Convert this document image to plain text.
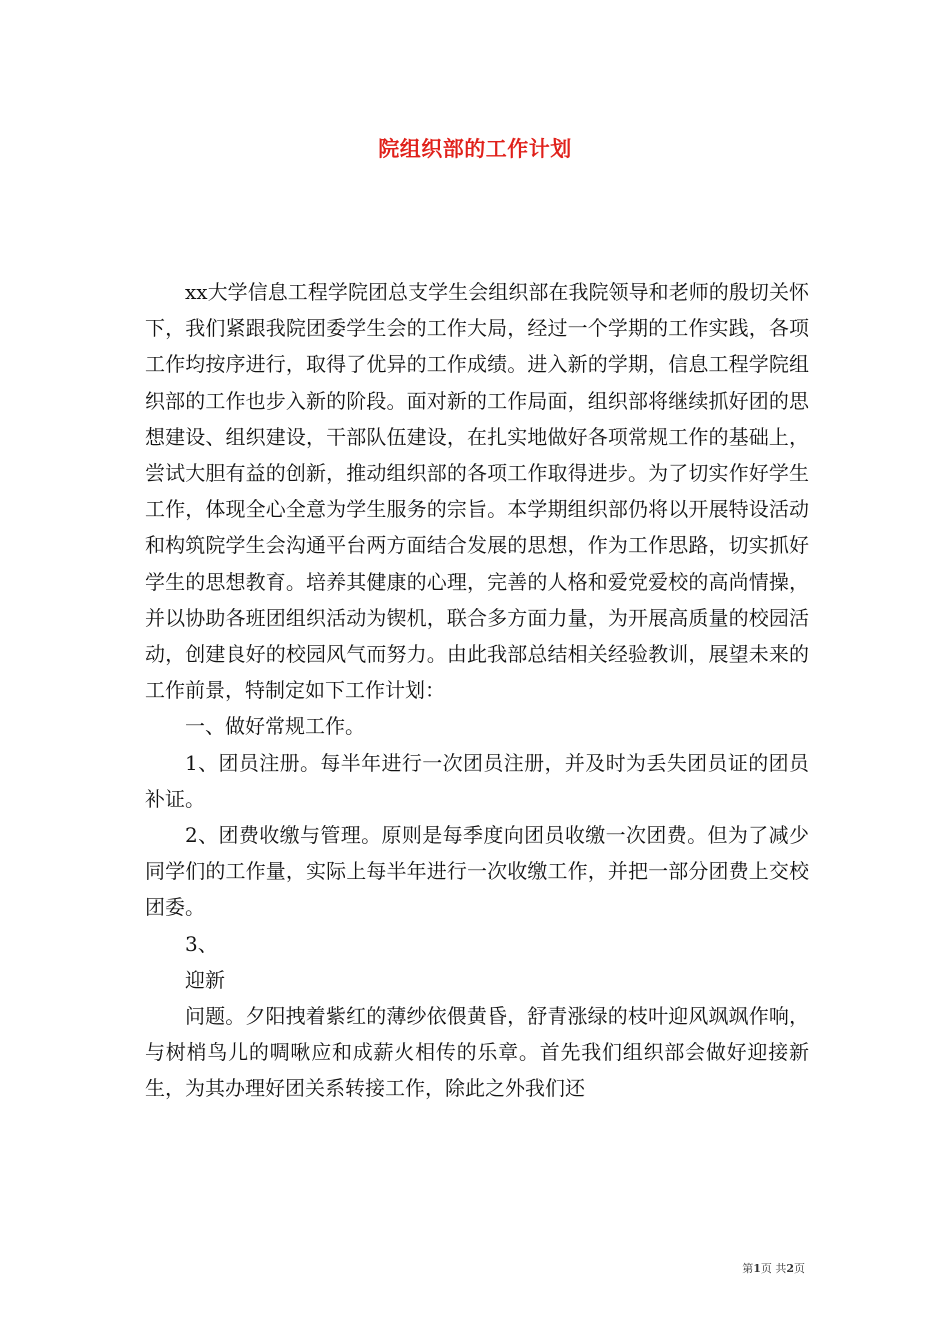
院组织部的工作计划

xx大学信息工程学院团总支学生会组织部在我院领导和老师的殷切关怀下，我们紧跟我院团委学生会的工作大局，经过一个学期的工作实践，各项工作均按序进行，取得了优异的工作成绩。进入新的学期，信息工程学院组织部的工作也步入新的阶段。面对新的工作局面，组织部将继续抓好团的思想建设、组织建设，干部队伍建设，在扎实地做好各项常规工作的基础上，尝试大胆有益的创新，推动组织部的各项工作取得进步。为了切实作好学生工作，体现全心全意为学生服务的宗旨。本学期组织部仍将以开展特设活动和构筑院学生会沟通平台两方面结合发展的思想，作为工作思路，切实抓好学生的思想教育。培养其健康的心理，完善的人格和爱党爱校的高尚情操，并以协助各班团组织活动为锲机，联合多方面力量，为开展高质量的校园活动，创建良好的校园风气而努力。由此我部总结相关经验教训，展望未来的工作前景，特制定如下工作计划：

一、做好常规工作。

1、团员注册。每半年进行一次团员注册，并及时为丢失团员证的团员补证。

2、团费收缴与管理。原则是每季度向团员收缴一次团费。但为了减少同学们的工作量，实际上每半年进行一次收缴工作，并把一部分团费上交校团委。

3、

迎新

问题。夕阳拽着紫红的薄纱依偎黄昏，舒青涨绿的枝叶迎风飒飒作响，与树梢鸟儿的啁啾应和成薪火相传的乐章。首先我们组织部会做好迎接新生，为其办理好团关系转接工作，除此之外我们还

第1页 共2页
